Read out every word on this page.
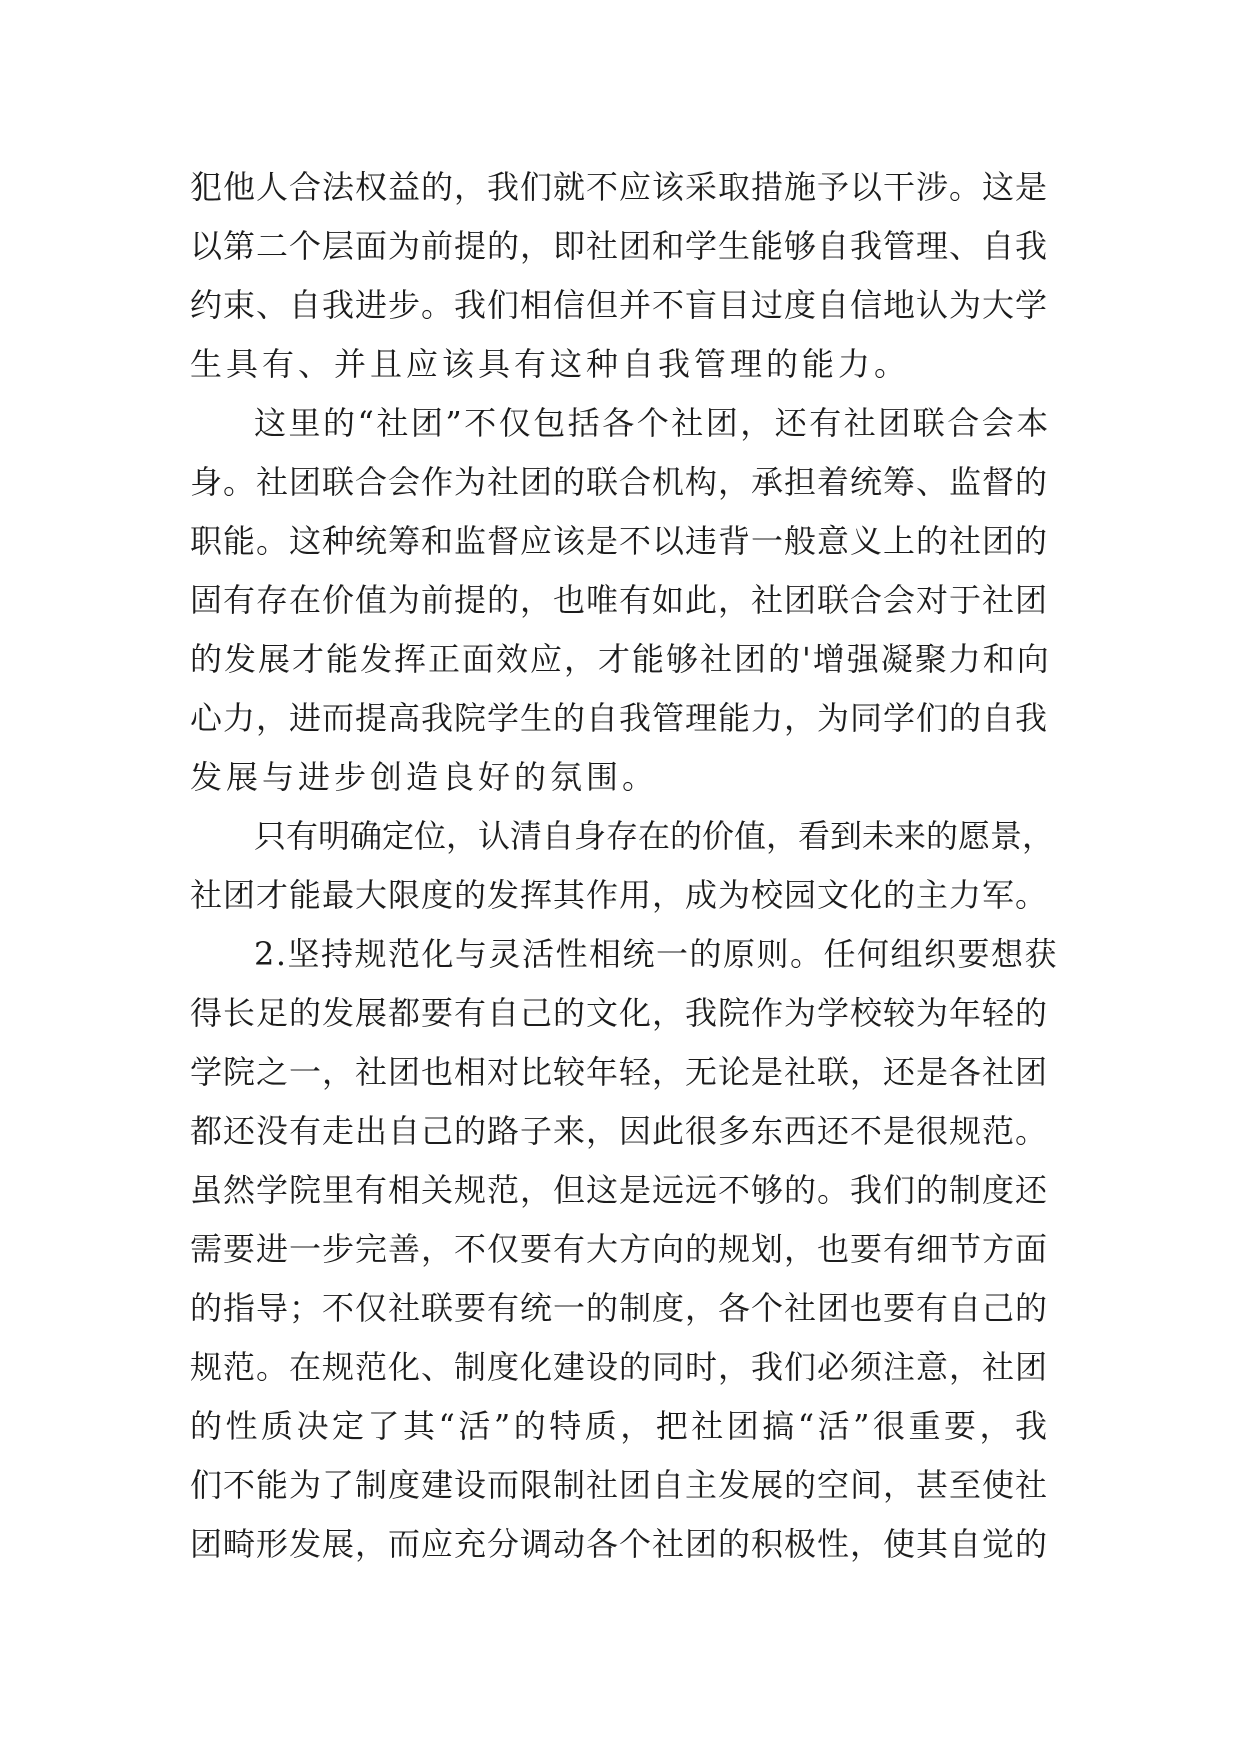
犯他人合法权益的，我们就不应该采取措施予以干涉。这是
以第二个层面为前提的，即社团和学生能够自我管理、自我
约束、自我进步。我们相信但并不盲目过度自信地认为大学
生具有、并且应该具有这种自我管理的能力。
这里的“社团”不仅包括各个社团，还有社团联合会本
身。社团联合会作为社团的联合机构，承担着统筹、监督的
职能。这种统筹和监督应该是不以违背一般意义上的社团的
固有存在价值为前提的，也唯有如此，社团联合会对于社团
的发展才能发挥正面效应，才能够社团的'增强凝聚力和向
心力，进而提高我院学生的自我管理能力，为同学们的自我
发展与进步创造良好的氛围。
只有明确定位，认清自身存在的价值，看到未来的愿景，
社团才能最大限度的发挥其作用，成为校园文化的主力军。
2.坚持规范化与灵活性相统一的原则。任何组织要想获
得长足的发展都要有自己的文化，我院作为学校较为年轻的
学院之一，社团也相对比较年轻，无论是社联，还是各社团
都还没有走出自己的路子来，因此很多东西还不是很规范。
虽然学院里有相关规范，但这是远远不够的。我们的制度还
需要进一步完善，不仅要有大方向的规划，也要有细节方面
的指导；不仅社联要有统一的制度，各个社团也要有自己的
规范。在规范化、制度化建设的同时，我们必须注意，社团
的性质决定了其“活”的特质，把社团搞“活”很重要，我
们不能为了制度建设而限制社团自主发展的空间，甚至使社
团畸形发展，而应充分调动各个社团的积极性，使其自觉的
